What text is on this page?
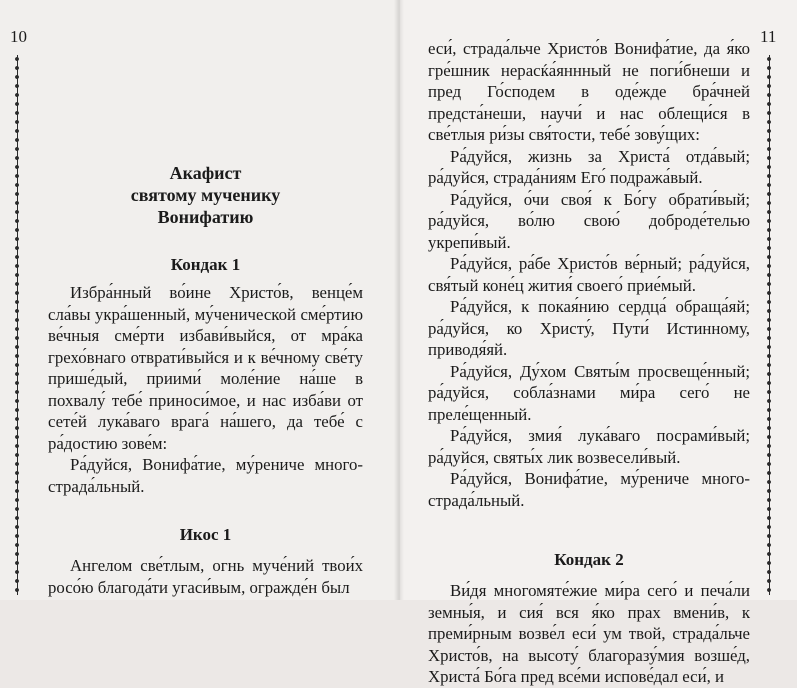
10
Акафист
святому мученику
Вонифатию
Кондак 1

Избра́нный во́ине Христо́в, венце́м сла́вы укра́шенный, му́ченической сме́ртию ве́чныя сме́рти избави́выйся, от мра́ка грехо́внаго отврати́выйся и к ве́чному све́ту прише́дый, приими́ моле́ние на́ше в похвалу́ тебе́ приноси́мое, и нас изба́ви от сете́й лука́ваго врага́ на́шего, да тебе́ с ра́достию зове́м:

Ра́дуйся, Вонифа́тие, му́рениче много-страда́льный.

Икос 1

Ангелом све́тлым, огнь муче́ний твои́х росо́ю благода́ти угаси́вым, огражде́н был

11

еси́, страда́льче Христо́в Вонифа́тие, да я́ко гре́шник нерасќа́яннный не поги́бнеши и пред Го́сподем в оде́жде бра́чней предста́неши, научи́ и нас облещи́ся в све́тлыя ри́зы свя́тости, тебе́ зову́щих:

Ра́дуйся, жизнь за Христа́ отда́вый; ра́дуйся, страда́ниям Его́ подража́вый.

Ра́дуйся, о́чи своя́ к Бо́гу обрати́вый; ра́дуйся, во́лю свою́ доброде́телью укрепи́вый.

Ра́дуйся, ра́бе Христо́в ве́рный; ра́дуйся, свя́тый коне́ц жития́ своего́ прие́мый.

Ра́дуйся, к покая́нию сердца́ обраща́яй; ра́дуйся, ко Христу́, Пути́ Истинному, приводя́яй.

Ра́дуйся, Ду́хом Святы́м просвеще́нный; ра́дуйся, собла́знами ми́ра сего́ не преле́щенный.

Ра́дуйся, змия́ лука́ваго посрами́вый; ра́дуйся, святы́х лик возвесели́вый.

Ра́дуйся, Вонифа́тие, му́рениче много-страда́льный.

Кондак 2

Ви́дя многомяте́жие ми́ра сего́ и печа́ли земны́я, и сия́ вся я́ко прах вмени́в, к преми́рным возве́л еси́ ум твой, страда́льче Христо́в, на высоту́ благоразу́мия возше́д, Христа́ Бо́га пред все́ми испове́дал еси́, и
